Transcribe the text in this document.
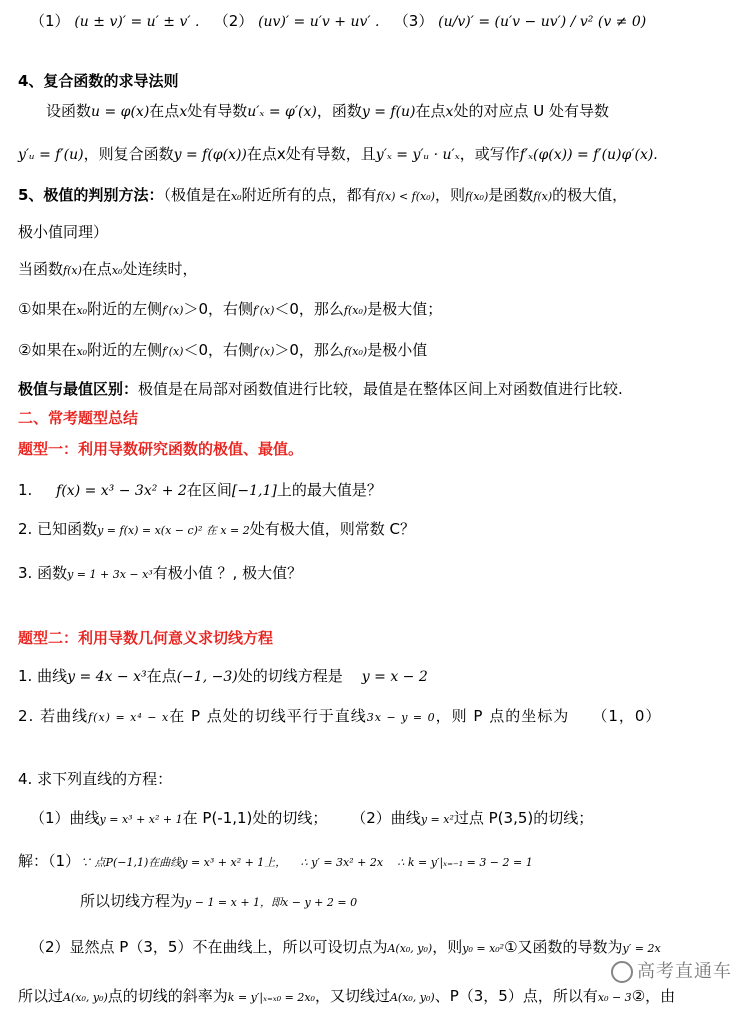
（1） (u ± v)′ = u′ ± v′ . （2） (uv)′ = u′v + uv′ . （3） (u/v)′ = (u′v − uv′) / v² (v ≠ 0)
4、复合函数的求导法则
设函数u = φ(x)在点x处有导数u′ₓ = φ′(x)，函数y = f(u)在点x处的对应点 U 处有导数
y′ᵤ = f′(u)，则复合函数y = f(φ(x))在点x处有导数，且y′ₓ = y′ᵤ · u′ₓ，或写作f′ₓ(φ(x)) = f′(u)φ′(x).
5、极值的判别方法：（极值是在x₀附近所有的点，都有f(x) < f(x₀)，则f(x₀)是函数f(x)的极大值，
极小值同理）
当函数f(x)在点x₀处连续时，
①如果在x₀附近的左侧f′(x)＞0，右侧f′(x)＜0，那么f(x₀)是极大值；
②如果在x₀附近的左侧f′(x)＜0，右侧f′(x)＞0，那么f(x₀)是极小值
极值与最值区别：极值是在局部对函数值进行比较，最值是在整体区间上对函数值进行比较.
二、常考题型总结
题型一：利用导数研究函数的极值、最值。
1. f(x) = x³ − 3x² + 2在区间[−1,1]上的最大值是？
2. 已知函数y = f(x) = x(x − c)² 在 x = 2处有极大值，则常数 C？
3. 函数y = 1 + 3x − x³有极小值 ？, 极大值？
题型二：利用导数几何意义求切线方程
1. 曲线y = 4x − x³在点(−1, −3)处的切线方程是 y = x − 2
2. 若曲线f(x) = x⁴ − x在 P 点处的切线平行于直线3x − y = 0，则 P 点的坐标为 （1，0）
4. 求下列直线的方程：
（1）曲线y = x³ + x² + 1在 P(-1,1)处的切线； （2）曲线y = x²过点 P(3,5)的切线；
解：（1）∵ 点P(−1,1)在曲线y = x³ + x² + 1上， ∴ y′ = 3x² + 2x ∴ k = y′|ₓ₌₋₁ = 3 − 2 = 1
所以切线方程为y − 1 = x + 1，即x − y + 2 = 0
（2）显然点 P（3，5）不在曲线上，所以可设切点为A(x₀, y₀)，则y₀ = x₀²①又函数的导数为y′ = 2x
所以过A(x₀, y₀)点的切线的斜率为k = y′|ₓ₌ₓ₀ = 2x₀，又切线过A(x₀, y₀)、P（3，5）点，所以有x₀ − 3②，由
高考直通车
